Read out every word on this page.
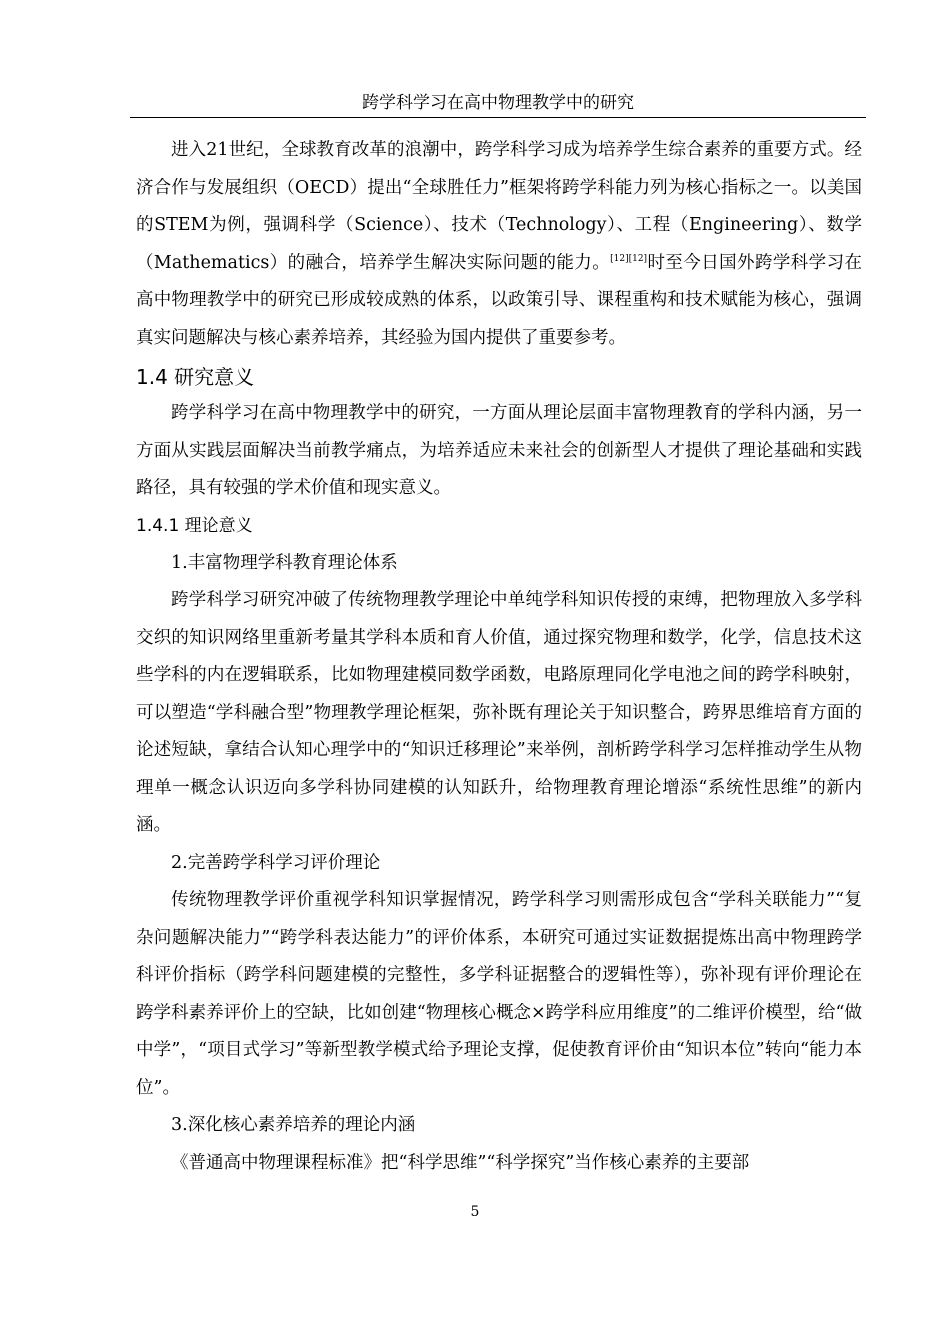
跨学科学习在高中物理教学中的研究

进入21世纪，全球教育改革的浪潮中，跨学科学习成为培养学生综合素养的重要方式。经济合作与发展组织（OECD）提出“全球胜任力”框架将跨学科能力列为核心指标之一。以美国的STEM为例，强调科学（Science）、技术（Technology）、工程（Engineering）、数学（Mathematics）的融合，培养学生解决实际问题的能力。[12][12]时至今日国外跨学科学习在高中物理教学中的研究已形成较成熟的体系，以政策引导、课程重构和技术赋能为核心，强调真实问题解决与核心素养培养，其经验为国内提供了重要参考。

1.4 研究意义

跨学科学习在高中物理教学中的研究，一方面从理论层面丰富物理教育的学科内涵，另一方面从实践层面解决当前教学痛点，为培养适应未来社会的创新型人才提供了理论基础和实践路径，具有较强的学术价值和现实意义。

1.4.1 理论意义

1.丰富物理学科教育理论体系

跨学科学习研究冲破了传统物理教学理论中单纯学科知识传授的束缚，把物理放入多学科交织的知识网络里重新考量其学科本质和育人价值，通过探究物理和数学，化学，信息技术这些学科的内在逻辑联系，比如物理建模同数学函数，电路原理同化学电池之间的跨学科映射，可以塑造“学科融合型”物理教学理论框架，弥补既有理论关于知识整合，跨界思维培育方面的论述短缺，拿结合认知心理学中的“知识迁移理论”来举例，剖析跨学科学习怎样推动学生从物理单一概念认识迈向多学科协同建模的认知跃升，给物理教育理论增添“系统性思维”的新内涵。

2.完善跨学科学习评价理论

传统物理教学评价重视学科知识掌握情况，跨学科学习则需形成包含“学科关联能力”“复杂问题解决能力”“跨学科表达能力”的评价体系，本研究可通过实证数据提炼出高中物理跨学科评价指标（跨学科问题建模的完整性，多学科证据整合的逻辑性等），弥补现有评价理论在跨学科素养评价上的空缺，比如创建“物理核心概念×跨学科应用维度”的二维评价模型，给“做中学”，“项目式学习”等新型教学模式给予理论支撑，促使教育评价由“知识本位”转向“能力本位”。

3.深化核心素养培养的理论内涵

《普通高中物理课程标准》把“科学思维”“科学探究”当作核心素养的主要部

5
